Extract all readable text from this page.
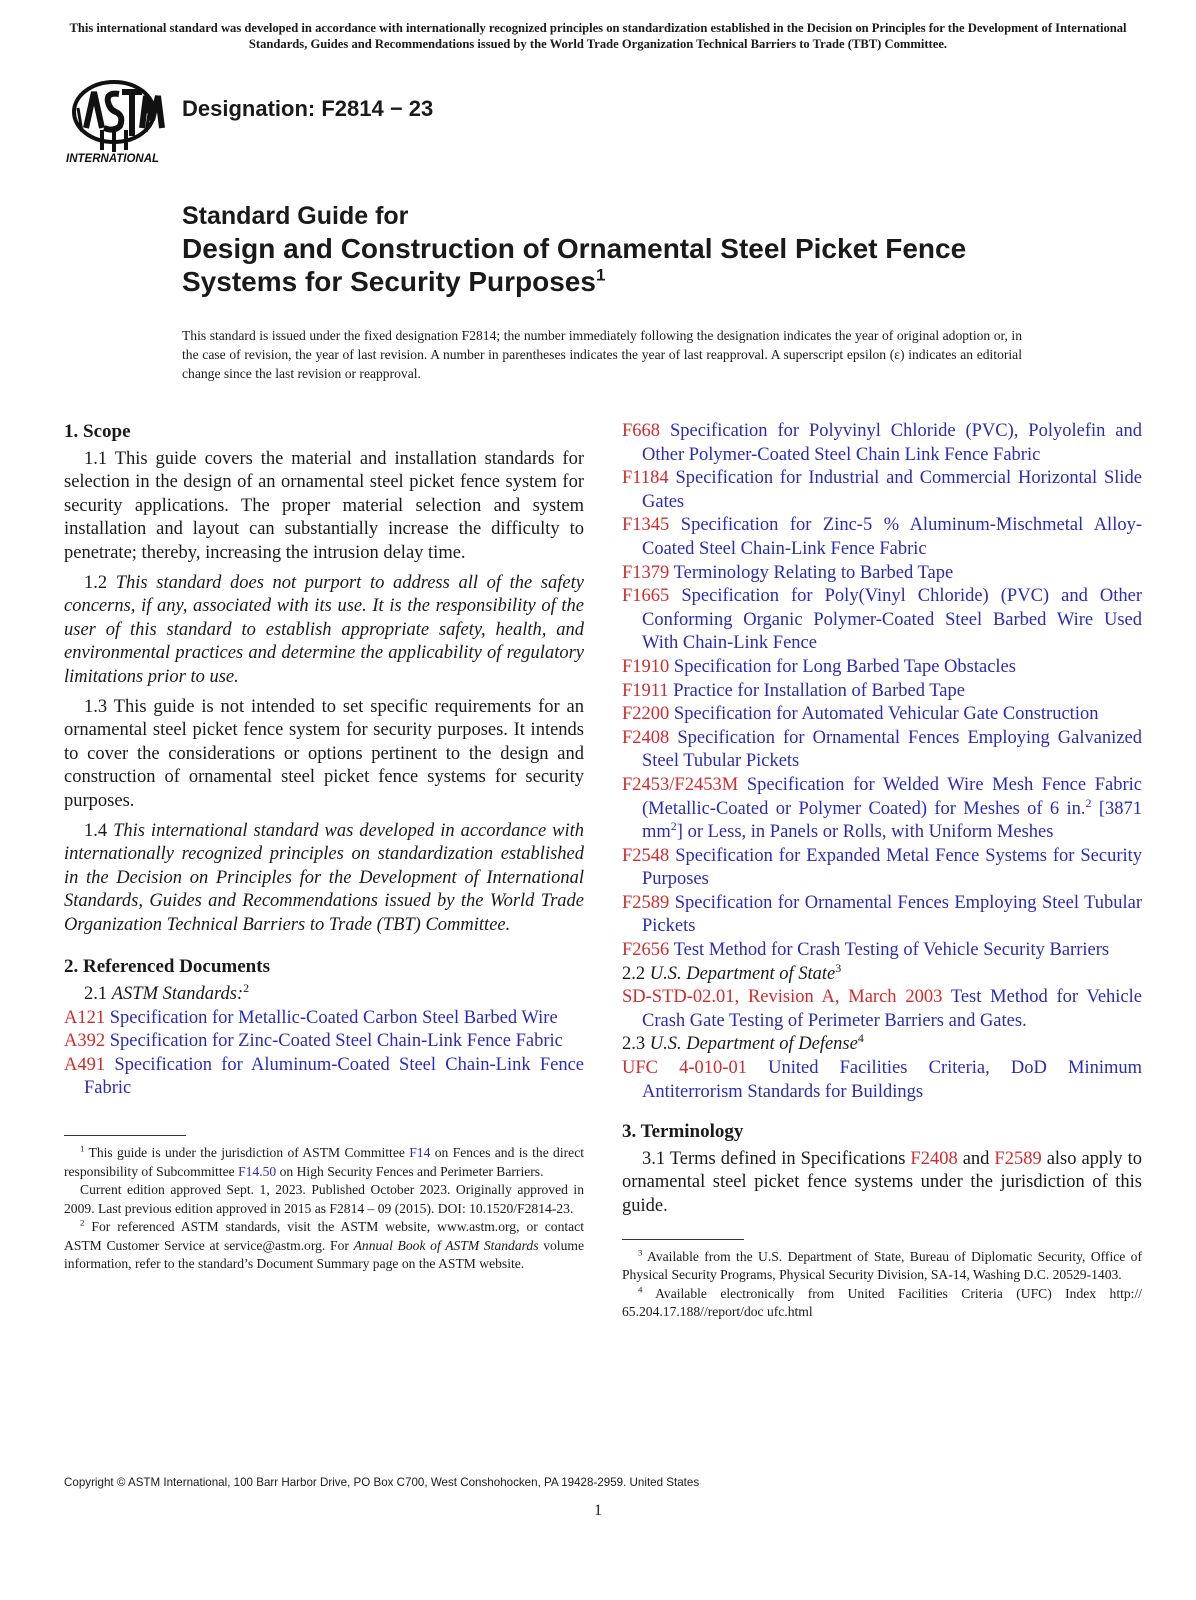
This international standard was developed in accordance with internationally recognized principles on standardization established in the Decision on Principles for the Development of International Standards, Guides and Recommendations issued by the World Trade Organization Technical Barriers to Trade (TBT) Committee.
INTERNATIONAL
Designation: F2814 − 23
Standard Guide for
Design and Construction of Ornamental Steel Picket Fence
Systems for Security Purposes$^1$
This standard is issued under the fixed designation F2814; the number immediately following the designation indicates the year of original adoption or, in the case of revision, the year of last revision. A number in parentheses indicates the year of last reapproval. A superscript epsilon (ε) indicates an editorial change since the last revision or reapproval.
1. Scope

1.1 This guide covers the material and installation standards for selection in the design of an ornamental steel picket fence system for security applications. The proper material selection and system installation and layout can substantially increase the difficulty to penetrate; thereby, increasing the intrusion delay time.

1.2 This standard does not purport to address all of the safety concerns, if any, associated with its use. It is the responsibility of the user of this standard to establish appropriate safety, health, and environmental practices and determine the applicability of regulatory limitations prior to use.

1.3 This guide is not intended to set specific requirements for an ornamental steel picket fence system for security purposes. It intends to cover the considerations or options pertinent to the design and construction of ornamental steel picket fence systems for security purposes.

1.4 This international standard was developed in accordance with internationally recognized principles on standardization established in the Decision on Principles for the Development of International Standards, Guides and Recommendations issued by the World Trade Organization Technical Barriers to Trade (TBT) Committee.

2. Referenced Documents

2.1 ASTM Standards:$^2$

A121 Specification for Metallic-Coated Carbon Steel Barbed Wire

A392 Specification for Zinc-Coated Steel Chain-Link Fence Fabric

A491 Specification for Aluminum-Coated Steel Chain-Link Fence Fabric

$^1$ This guide is under the jurisdiction of ASTM Committee F14 on Fences and is the direct responsibility of Subcommittee F14.50 on High Security Fences and Perimeter Barriers.

Current edition approved Sept. 1, 2023. Published October 2023. Originally approved in 2009. Last previous edition approved in 2015 as F2814 – 09 (2015). DOI: 10.1520/F2814-23.

$^2$ For referenced ASTM standards, visit the ASTM website, www.astm.org, or contact ASTM Customer Service at service@astm.org. For Annual Book of ASTM Standards volume information, refer to the standard’s Document Summary page on the ASTM website.

F668 Specification for Polyvinyl Chloride (PVC), Polyolefin and Other Polymer-Coated Steel Chain Link Fence Fabric

F1184 Specification for Industrial and Commercial Horizontal Slide Gates

F1345 Specification for Zinc-5 % Aluminum-Mischmetal Alloy-Coated Steel Chain-Link Fence Fabric

F1379 Terminology Relating to Barbed Tape

F1665 Specification for Poly(Vinyl Chloride) (PVC) and Other Conforming Organic Polymer-Coated Steel Barbed Wire Used With Chain-Link Fence

F1910 Specification for Long Barbed Tape Obstacles

F1911 Practice for Installation of Barbed Tape

F2200 Specification for Automated Vehicular Gate Construction

F2408 Specification for Ornamental Fences Employing Galvanized Steel Tubular Pickets

F2453/F2453M Specification for Welded Wire Mesh Fence Fabric (Metallic-Coated or Polymer Coated) for Meshes of 6 in.$^2$ [3871 $mm^2$] or Less, in Panels or Rolls, with Uniform Meshes

F2548 Specification for Expanded Metal Fence Systems for Security Purposes

F2589 Specification for Ornamental Fences Employing Steel Tubular Pickets

F2656 Test Method for Crash Testing of Vehicle Security Barriers

2.2 U.S. Department of State$^3$

SD-STD-02.01, Revision A, March 2003 Test Method for Vehicle Crash Gate Testing of Perimeter Barriers and Gates.

2.3 U.S. Department of Defense$^4$

UFC 4-010-01 United Facilities Criteria, DoD Minimum Antiterrorism Standards for Buildings

3. Terminology

3.1 Terms defined in Specifications F2408 and F2589 also apply to ornamental steel picket fence systems under the jurisdiction of this guide.

$^3$ Available from the U.S. Department of State, Bureau of Diplomatic Security, Office of Physical Security Programs, Physical Security Division, SA-14, Washing D.C. 20529-1403.

$^4$ Available electronically from United Facilities Criteria (UFC) Index http:// 65.204.17.188//report/doc ufc.html

Copyright © ASTM International, 100 Barr Harbor Drive, PO Box C700, West Conshohocken, PA 19428-2959. United States
1
